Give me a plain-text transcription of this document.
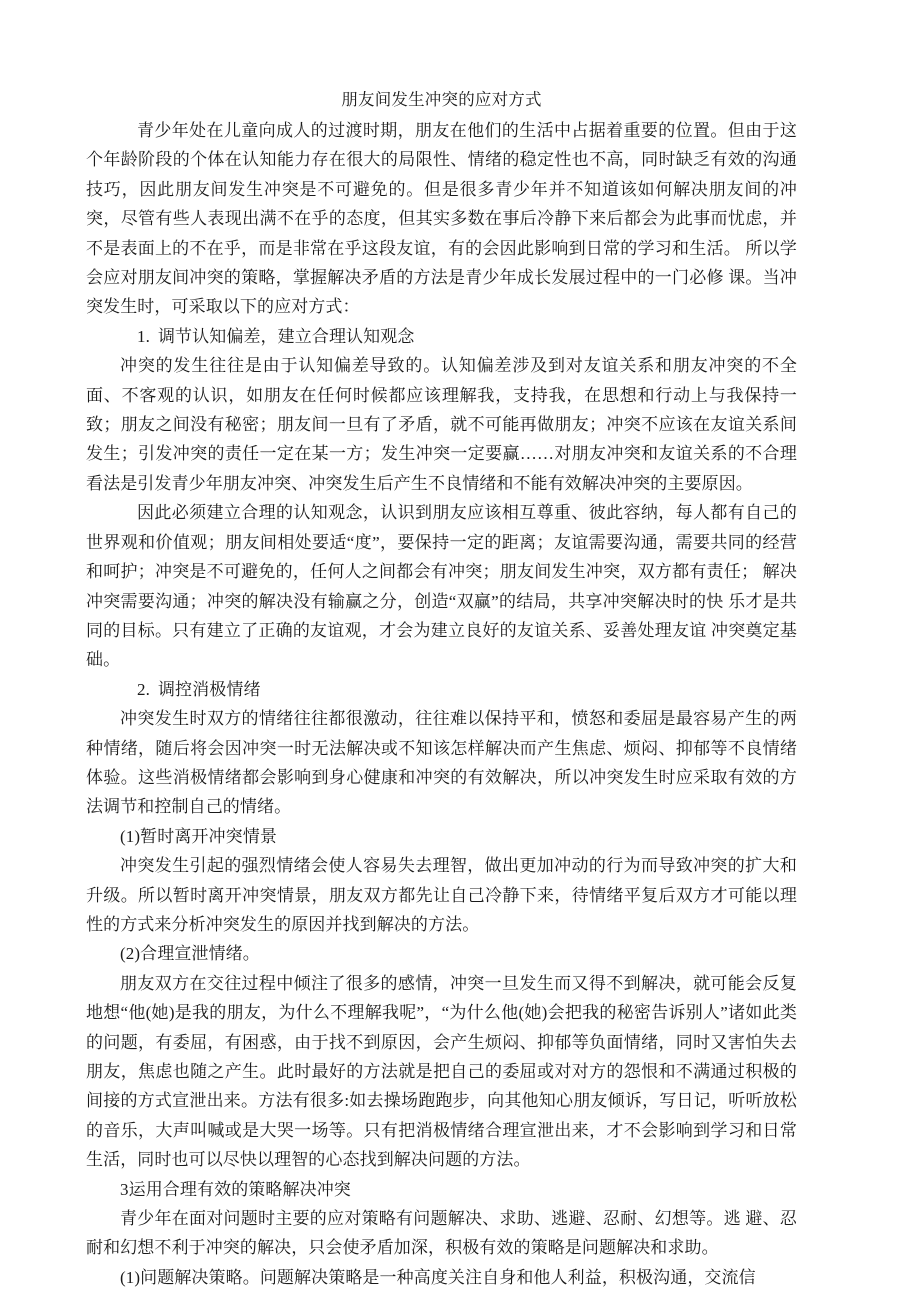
朋友间发生冲突的应对方式

青少年处在儿童向成人的过渡时期，朋友在他们的生活中占据着重要的位置。但由于这个年龄阶段的个体在认知能力存在很大的局限性、情绪的稳定性也不高，同时缺乏有效的沟通技巧，因此朋友间发生冲突是不可避免的。但是很多青少年并不知道该如何解决朋友间的冲突，尽管有些人表现出满不在乎的态度，但其实多数在事后冷静下来后都会为此事而忧虑，并不是表面上的不在乎，而是非常在乎这段友谊，有的会因此影响到日常的学习和生活。 所以学会应对朋友间冲突的策略，掌握解决矛盾的方法是青少年成长发展过程中的一门必修 课。当冲突发生时，可采取以下的应对方式：

1. 调节认知偏差，建立合理认知观念

冲突的发生往往是由于认知偏差导致的。认知偏差涉及到对友谊关系和朋友冲突的不全面、不客观的认识，如朋友在任何时候都应该理解我，支持我，在思想和行动上与我保持一致；朋友之间没有秘密；朋友间一旦有了矛盾，就不可能再做朋友；冲突不应该在友谊关系间发生；引发冲突的责任一定在某一方；发生冲突一定要赢……对朋友冲突和友谊关系的不合理看法是引发青少年朋友冲突、冲突发生后产生不良情绪和不能有效解决冲突的主要原因。

因此必须建立合理的认知观念，认识到朋友应该相互尊重、彼此容纳，每人都有自己的世界观和价值观；朋友间相处要适“度”，要保持一定的距离；友谊需要沟通，需要共同的经营和呵护；冲突是不可避免的，任何人之间都会有冲突；朋友间发生冲突，双方都有责任； 解决冲突需要沟通；冲突的解决没有输赢之分，创造“双赢”的结局，共享冲突解决时的快 乐才是共同的目标。只有建立了正确的友谊观，才会为建立良好的友谊关系、妥善处理友谊 冲突奠定基础。

2. 调控消极情绪

冲突发生时双方的情绪往往都很激动，往往难以保持平和，愤怒和委屈是最容易产生的两种情绪，随后将会因冲突一时无法解决或不知该怎样解决而产生焦虑、烦闷、抑郁等不良情绪体验。这些消极情绪都会影响到身心健康和冲突的有效解决，所以冲突发生时应采取有效的方法调节和控制自己的情绪。

(1)暂时离开冲突情景

冲突发生引起的强烈情绪会使人容易失去理智，做出更加冲动的行为而导致冲突的扩大和升级。所以暂时离开冲突情景，朋友双方都先让自己冷静下来，待情绪平复后双方才可能以理性的方式来分析冲突发生的原因并找到解决的方法。

(2)合理宣泄情绪。

朋友双方在交往过程中倾注了很多的感情，冲突一旦发生而又得不到解决，就可能会反复地想“他(她)是我的朋友，为什么不理解我呢”，“为什么他(她)会把我的秘密告诉别人”诸如此类的问题，有委屈，有困惑，由于找不到原因，会产生烦闷、抑郁等负面情绪，同时又害怕失去朋友，焦虑也随之产生。此时最好的方法就是把自己的委屈或对对方的怨恨和不满通过积极的间接的方式宣泄出来。方法有很多:如去操场跑跑步，向其他知心朋友倾诉，写日记，听听放松的音乐，大声叫喊或是大哭一场等。只有把消极情绪合理宣泄出来，才不会影响到学习和日常生活，同时也可以尽快以理智的心态找到解决问题的方法。

3运用合理有效的策略解决冲突

青少年在面对问题时主要的应对策略有问题解决、求助、逃避、忍耐、幻想等。逃 避、忍耐和幻想不利于冲突的解决，只会使矛盾加深，积极有效的策略是问题解决和求助。

(1)问题解决策略。问题解决策略是一种高度关注自身和他人利益，积极沟通，交流信
